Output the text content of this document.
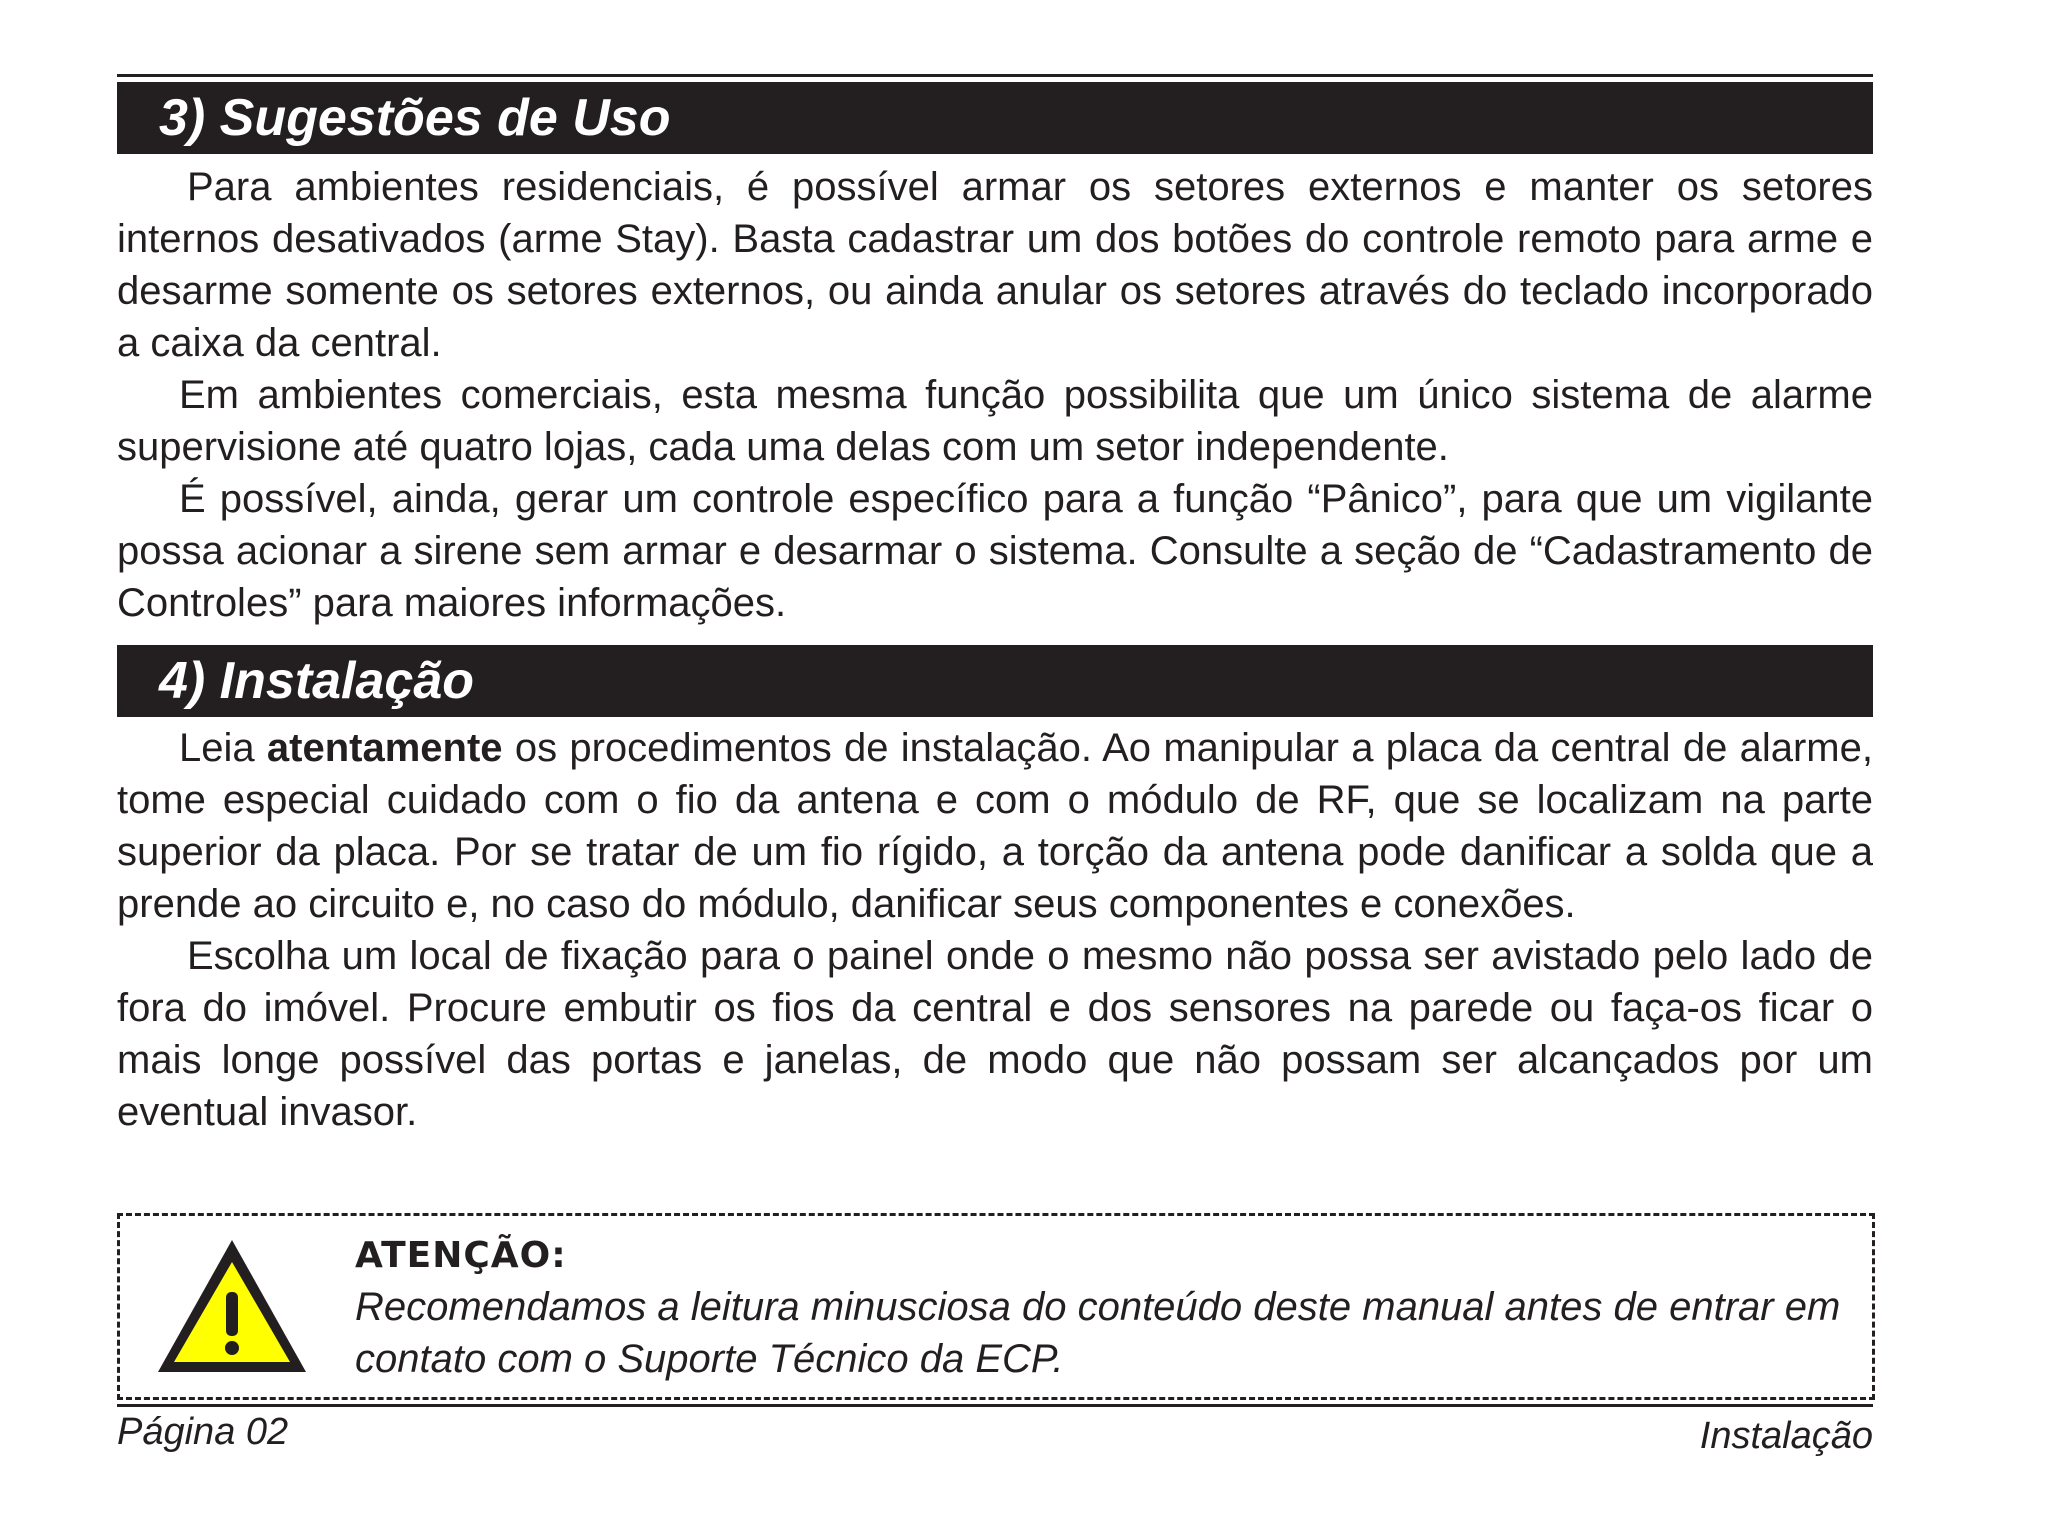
3) Sugestões de Uso

Para ambientes residenciais, é possível armar os setores externos e manter os setores internos desativados (arme Stay). Basta cadastrar um dos botões do controle remoto para arme e desarme somente os setores externos, ou ainda anular os setores através do teclado incorporado a caixa da central.

Em ambientes comerciais, esta mesma função possibilita que um único sistema de alarme supervisione até quatro lojas, cada uma delas com um setor independente.

É possível, ainda, gerar um controle específico para a função “Pânico”, para que um vigilante possa acionar a sirene sem armar e desarmar o sistema. Consulte a seção de “Cadastramento de Controles” para maiores informações.

4) Instalação

Leia atentamente os procedimentos de instalação. Ao manipular a placa da central de alarme, tome especial cuidado com o fio da antena e com o módulo de RF, que se localizam na parte superior da placa. Por se tratar de um fio rígido, a torção da antena pode danificar a solda que a prende ao circuito e, no caso do módulo, danificar seus componentes e conexões.

Escolha um local de fixação para o painel onde o mesmo não possa ser avistado pelo lado de fora do imóvel. Procure embutir os fios da central e dos sensores na parede ou faça-os ficar o mais longe possível das portas e janelas, de modo que não possam ser alcançados por um eventual invasor.

ATENÇÃO:
Recomendamos a leitura minusciosa do conteúdo deste manual antes de entrar em contato com o Suporte Técnico da ECP.
Página 02	Instalação
